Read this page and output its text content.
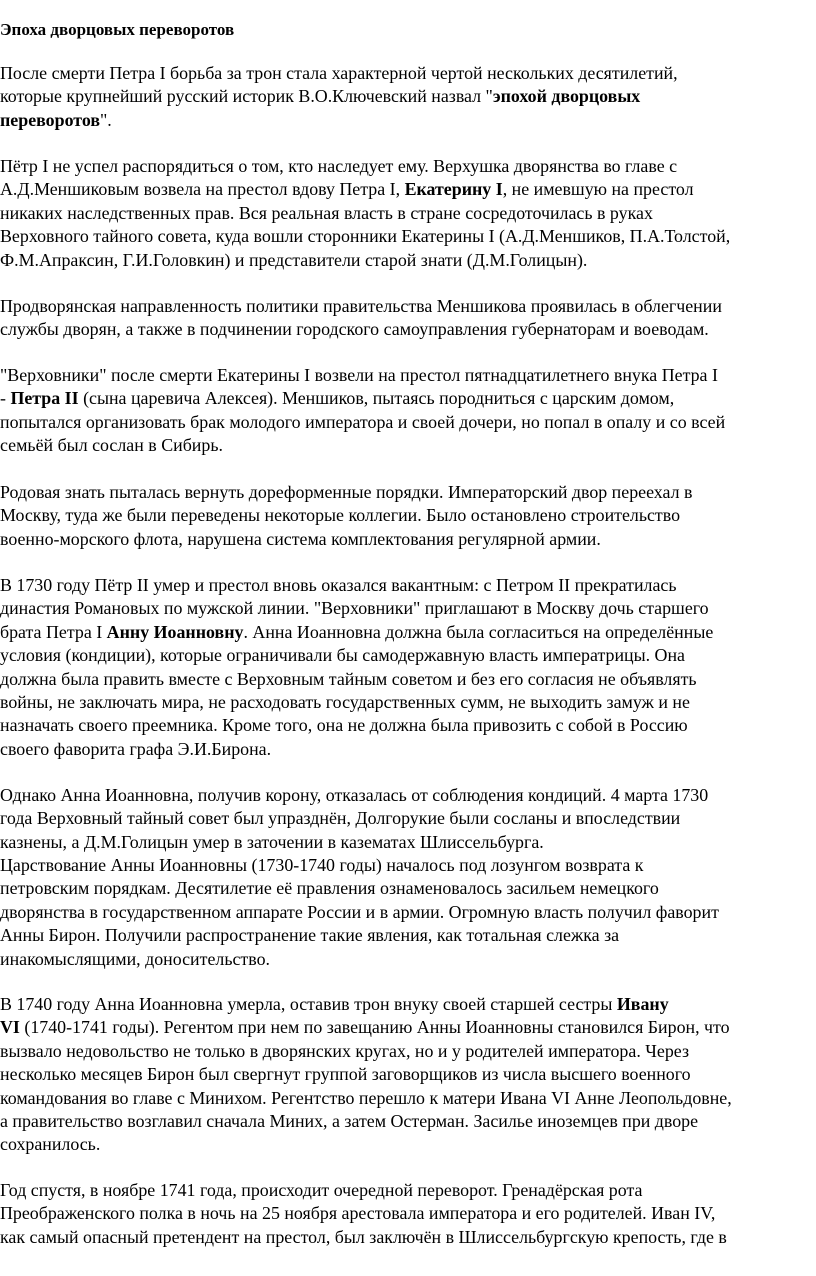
Эпоха дворцовых переворотов
После смерти Петра I борьба за трон стала характерной чертой нескольких десятилетий,
которые крупнейший русский историк В.О.Ключевский назвал "эпохой дворцовых
переворотов".
Пётр I не успел распорядиться о том, кто наследует ему. Верхушка дворянства во главе с
А.Д.Меншиковым возвела на престол вдову Петра I, Екатерину I, не имевшую на престол
никаких наследственных прав. Вся реальная власть в стране сосредоточилась в руках
Верховного тайного совета, куда вошли сторонники Екатерины I (А.Д.Меншиков, П.А.Толстой,
Ф.М.Апраксин, Г.И.Головкин) и представители старой знати (Д.М.Голицын).
Продворянская направленность политики правительства Меншикова проявилась в облегчении
службы дворян, а также в подчинении городского самоуправления губернаторам и воеводам.
"Верховники" после смерти Екатерины I возвели на престол пятнадцатилетнего внука Петра I
- Петра II (сына царевича Алексея). Меншиков, пытаясь породниться с царским домом,
попытался организовать брак молодого императора и своей дочери, но попал в опалу и со всей
семьёй был сослан в Сибирь.
Родовая знать пыталась вернуть дореформенные порядки. Императорский двор переехал в
Москву, туда же были переведены некоторые коллегии. Было остановлено строительство
военно-морского флота, нарушена система комплектования регулярной армии.
В 1730 году Пётр II умер и престол вновь оказался вакантным: с Петром II прекратилась
династия Романовых по мужской линии. "Верховники" приглашают в Москву дочь старшего
брата Петра I Анну Иоанновну. Анна Иоанновна должна была согласиться на определённые
условия (кондиции), которые ограничивали бы самодержавную власть императрицы. Она
должна была править вместе с Верховным тайным советом и без его согласия не объявлять
войны, не заключать мира, не расходовать государственных сумм, не выходить замуж и не
назначать своего преемника. Кроме того, она не должна была привозить с собой в Россию
своего фаворита графа Э.И.Бирона.
Однако Анна Иоанновна, получив корону, отказалась от соблюдения кондиций. 4 марта 1730
года Верховный тайный совет был упразднён, Долгорукие были сосланы и впоследствии
казнены, а Д.М.Голицын умер в заточении в казематах Шлиссельбурга.
Царствование Анны Иоанновны (1730-1740 годы) началось под лозунгом возврата к
петровским порядкам. Десятилетие её правления ознаменовалось засильем немецкого
дворянства в государственном аппарате России и в армии. Огромную власть получил фаворит
Анны Бирон. Получили распространение такие явления, как тотальная слежка за
инакомыслящими, доносительство.
В 1740 году Анна Иоанновна умерла, оставив трон внуку своей старшей сестры Ивану
VI (1740-1741 годы). Регентом при нем по завещанию Анны Иоанновны становился Бирон, что
вызвало недовольство не только в дворянских кругах, но и у родителей императора. Через
несколько месяцев Бирон был свергнут группой заговорщиков из числа высшего военного
командования во главе с Минихом. Регентство перешло к матери Ивана VI Анне Леопольдовне,
а правительство возглавил сначала Миних, а затем Остерман. Засилье иноземцев при дворе
сохранилось.
Год спустя, в ноябре 1741 года, происходит очередной переворот. Гренадёрская рота
Преображенского полка в ночь на 25 ноября арестовала императора и его родителей. Иван IV,
как самый опасный претендент на престол, был заключён в Шлиссельбургскую крепость, где в
